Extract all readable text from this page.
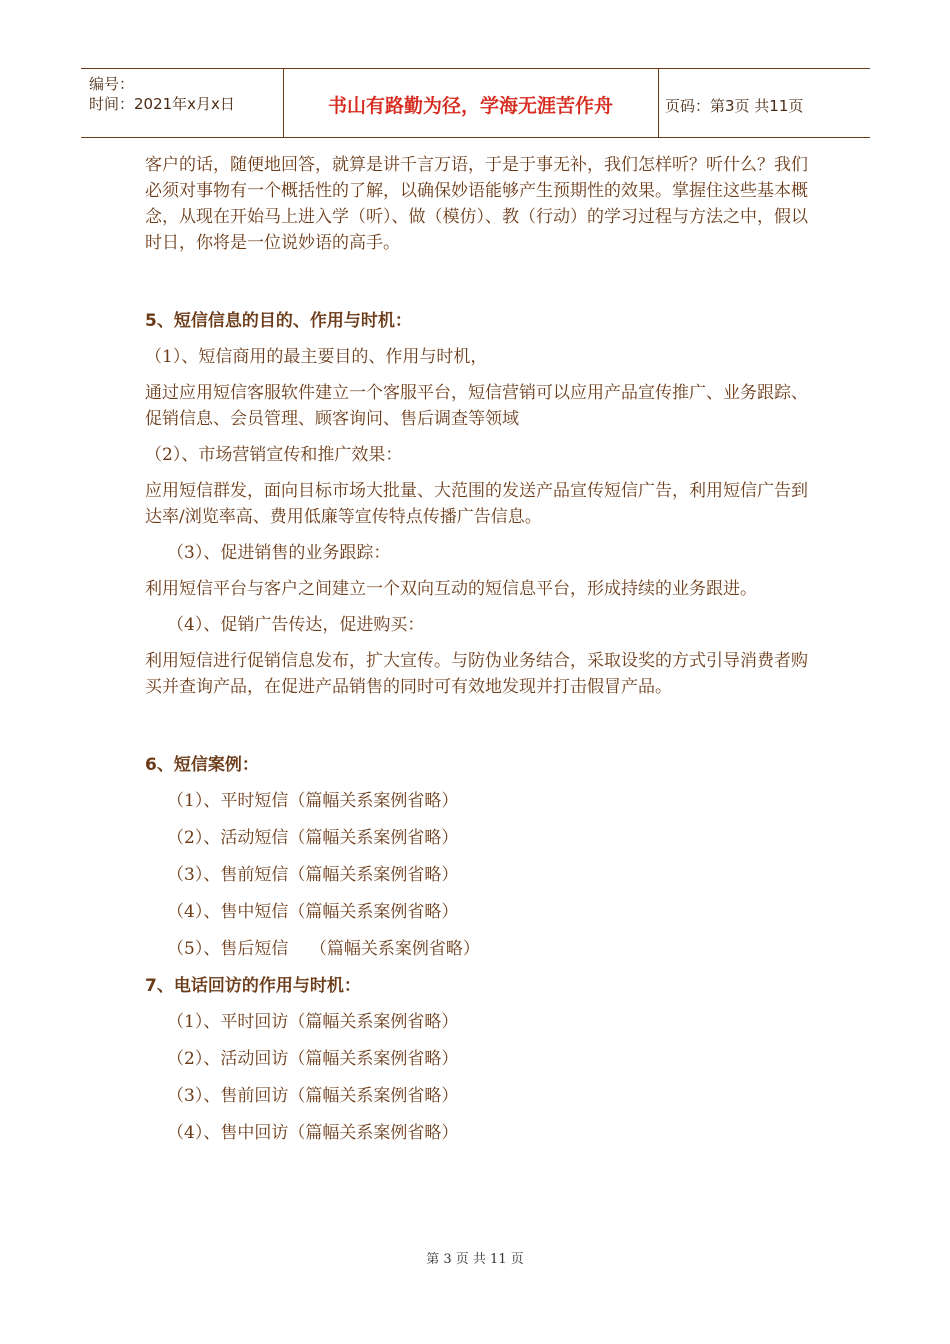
编号：
时间：2021年x月x日	书山有路勤为径，学海无涯苦作舟	页码：第3页 共11页

客户的话，随便地回答，就算是讲千言万语，于是于事无补，我们怎样听？听什么？我们必须对事物有一个概括性的了解，以确保妙语能够产生预期性的效果。掌握住这些基本概念，从现在开始马上进入学（听）、做（模仿）、教（行动）的学习过程与方法之中，假以时日，你将是一位说妙语的高手。

5、短信信息的目的、作用与时机：

（1）、短信商用的最主要目的、作用与时机，

通过应用短信客服软件建立一个客服平台，短信营销可以应用产品宣传推广、业务跟踪、促销信息、会员管理、顾客询问、售后调查等领域

（2）、市场营销宣传和推广效果：

应用短信群发，面向目标市场大批量、大范围的发送产品宣传短信广告，利用短信广告到达率/浏览率高、费用低廉等宣传特点传播广告信息。

（3）、促进销售的业务跟踪：

利用短信平台与客户之间建立一个双向互动的短信息平台，形成持续的业务跟进。

（4）、促销广告传达，促进购买：

利用短信进行促销信息发布，扩大宣传。与防伪业务结合，采取设奖的方式引导消费者购买并查询产品，在促进产品销售的同时可有效地发现并打击假冒产品。

6、短信案例：

（1）、平时短信（篇幅关系案例省略）

（2）、活动短信（篇幅关系案例省略）

（3）、售前短信（篇幅关系案例省略）

（4）、售中短信（篇幅关系案例省略）

（5）、售后短信    （篇幅关系案例省略）

7、电话回访的作用与时机：

（1）、平时回访（篇幅关系案例省略）

（2）、活动回访（篇幅关系案例省略）

（3）、售前回访（篇幅关系案例省略）

（4）、售中回访（篇幅关系案例省略）

第 3 页 共 11 页
